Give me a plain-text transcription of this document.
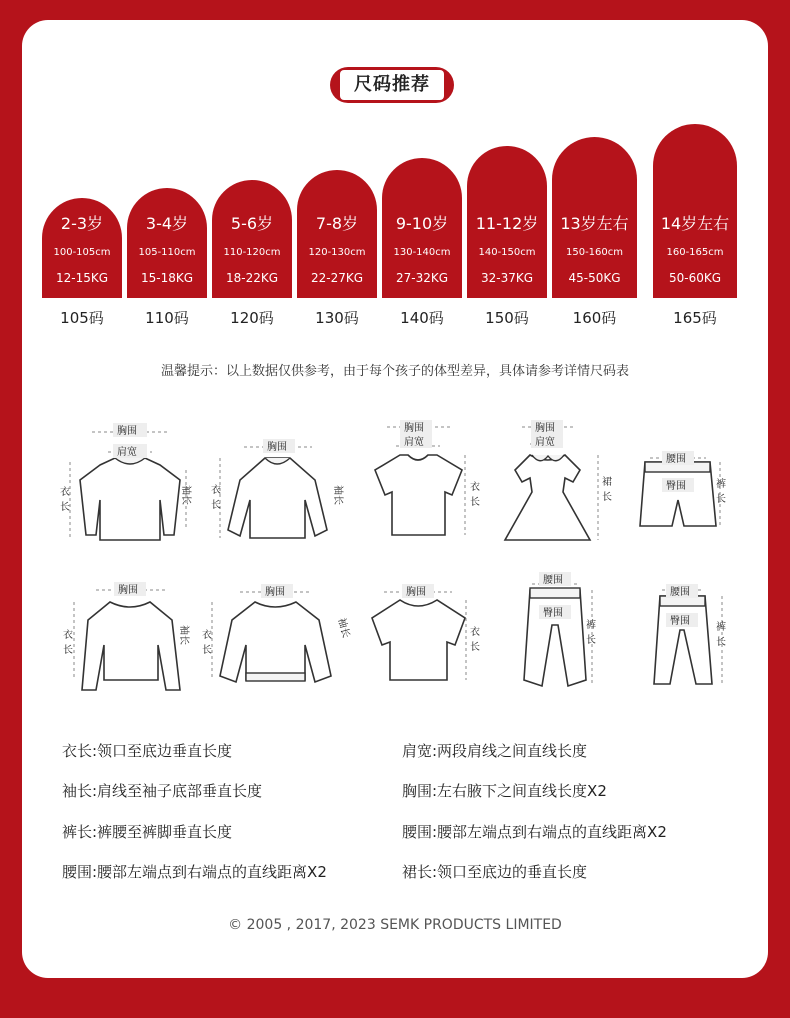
尺码推荐
2-3岁
100-105cm
12-15KG
105码
3-4岁
105-110cm
15-18KG
110码
5-6岁
110-120cm
18-22KG
120码
7-8岁
120-130cm
22-27KG
130码
9-10岁
130-140cm
27-32KG
140码
11-12岁
140-150cm
32-37KG
150码
13岁左右
150-160cm
45-50KG
160码
14岁左右
160-165cm
50-60KG
165码
温馨提示：以上数据仅供参考，由于每个孩子的体型差异，具体请参考详情尺码表
胸围
肩宽
衣
长
袖长
胸围
衣
长
袖长
胸围
肩宽
衣
长
胸围
肩宽
裙
长
腰围
臀围	裤
长
胸围
衣
长
袖长
胸围
衣
长
袖长
胸围
衣
长
腰围
臀围
裤
长
腰围
臀围
裤
长
衣长:领口至底边垂直长度
袖长:肩线至袖子底部垂直长度
裤长:裤腰至裤脚垂直长度
腰围:腰部左端点到右端点的直线距离X2
肩宽:两段肩线之间直线长度
胸围:左右腋下之间直线长度X2
腰围:腰部左端点到右端点的直线距离X2
裙长:领口至底边的垂直长度
© 2005 , 2017, 2023 SEMK PRODUCTS LIMITED
